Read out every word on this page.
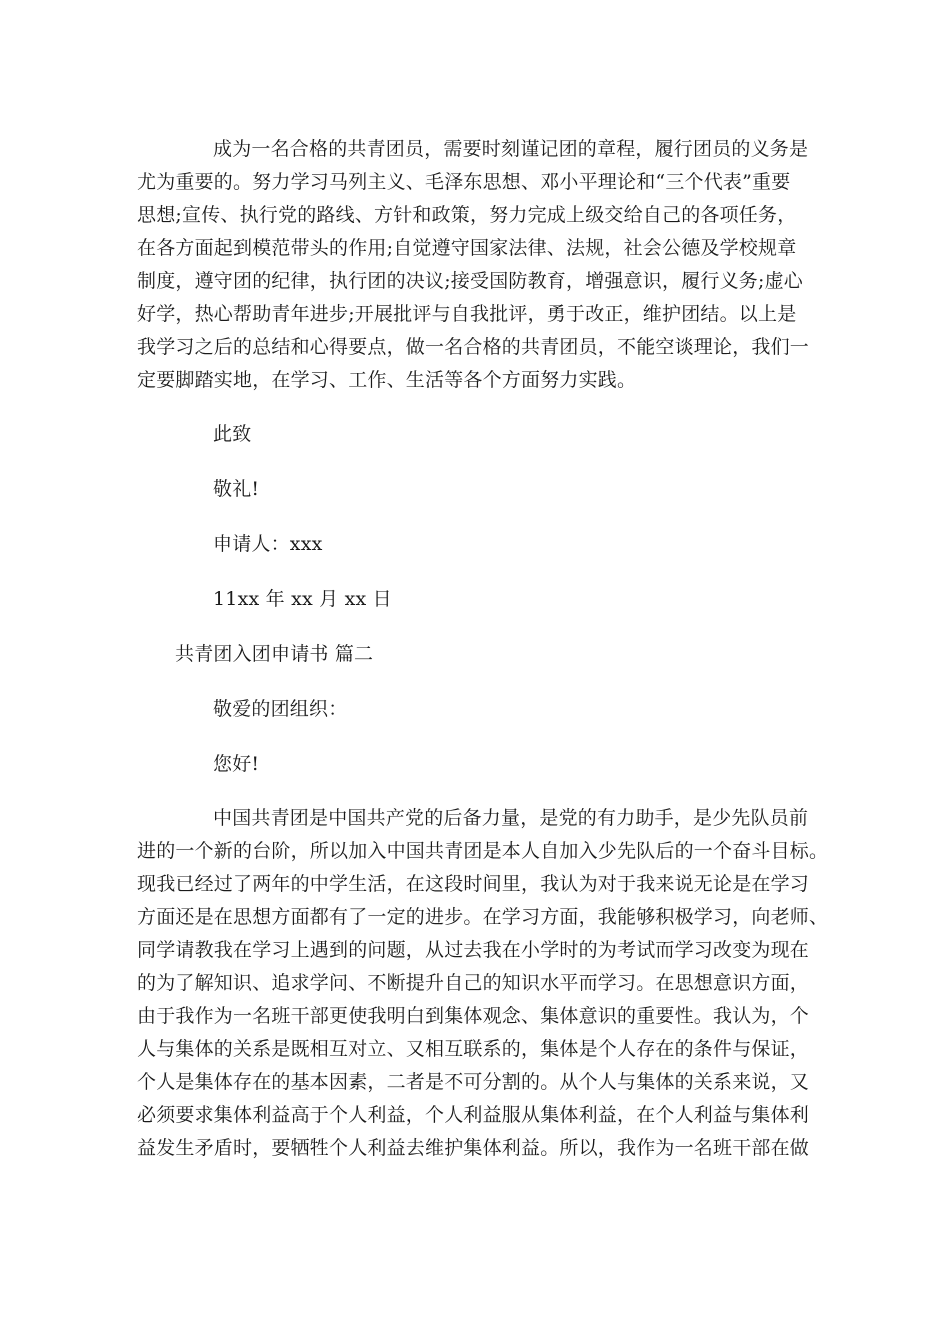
成为一名合格的共青团员，需要时刻谨记团的章程，履行团员的义务是
尤为重要的。努力学习马列主义、毛泽东思想、邓小平理论和“三个代表”重要
思想;宣传、执行党的路线、方针和政策，努力完成上级交给自己的各项任务，
在各方面起到模范带头的作用;自觉遵守国家法律、法规，社会公德及学校规章
制度，遵守团的纪律，执行团的决议;接受国防教育，增强意识，履行义务;虚心
好学，热心帮助青年进步;开展批评与自我批评，勇于改正，维护团结。以上是
我学习之后的总结和心得要点，做一名合格的共青团员，不能空谈理论，我们一
定要脚踏实地，在学习、工作、生活等各个方面努力实践。
此致
敬礼!
申请人：xxx
11xx 年 xx 月 xx 日
共青团入团申请书 篇二
敬爱的团组织：
您好!
中国共青团是中国共产党的后备力量，是党的有力助手，是少先队员前
进的一个新的台阶，所以加入中国共青团是本人自加入少先队后的一个奋斗目标。
现我已经过了两年的中学生活，在这段时间里，我认为对于我来说无论是在学习
方面还是在思想方面都有了一定的进步。在学习方面，我能够积极学习，向老师、
同学请教我在学习上遇到的问题，从过去我在小学时的为考试而学习改变为现在
的为了解知识、追求学问、不断提升自己的知识水平而学习。在思想意识方面，
由于我作为一名班干部更使我明白到集体观念、集体意识的重要性。我认为，个
人与集体的关系是既相互对立、又相互联系的，集体是个人存在的条件与保证，
个人是集体存在的基本因素，二者是不可分割的。从个人与集体的关系来说，又
必须要求集体利益高于个人利益，个人利益服从集体利益，在个人利益与集体利
益发生矛盾时，要牺牲个人利益去维护集体利益。所以，我作为一名班干部在做
